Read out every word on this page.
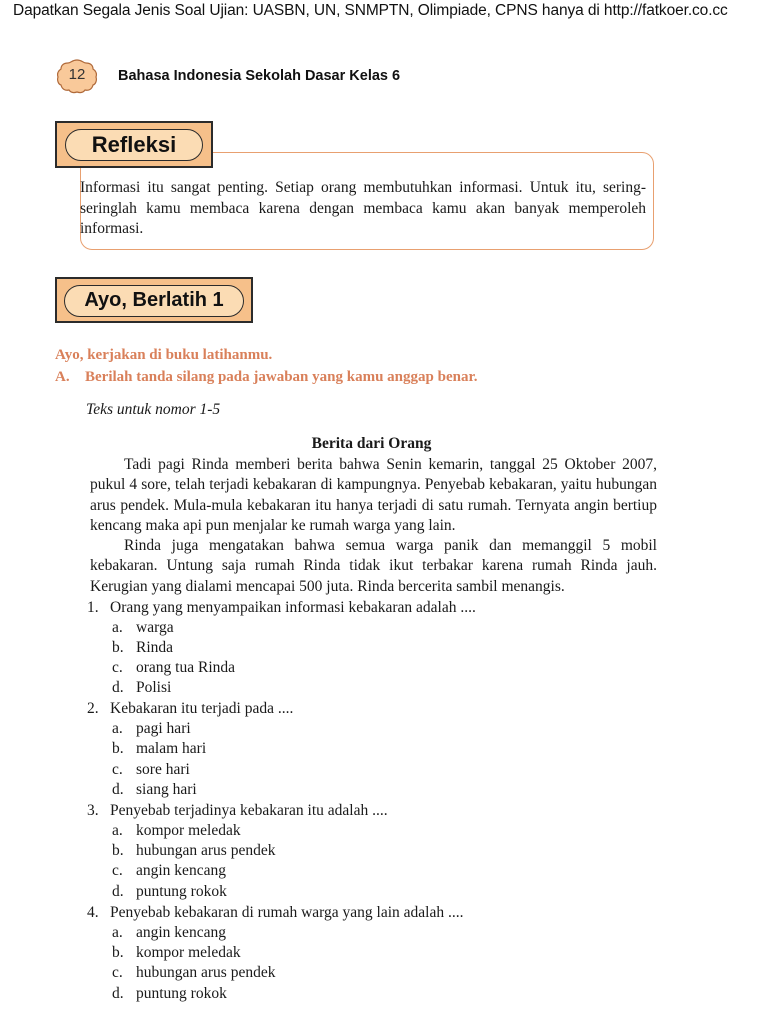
Dapatkan Segala Jenis Soal Ujian: UASBN, UN, SNMPTN, Olimpiade, CPNS hanya di http://fatkoer.co.cc
12	Bahasa Indonesia Sekolah Dasar Kelas 6
Refleksi
Informasi itu sangat penting. Setiap orang membutuhkan informasi. Untuk itu, sering-seringlah kamu membaca karena dengan membaca kamu akan banyak memperoleh informasi.
Ayo, Berlatih 1
Ayo, kerjakan di buku latihanmu.
A. Berilah tanda silang pada jawaban yang kamu anggap benar.
Teks untuk nomor 1-5
Berita dari Orang
Tadi pagi Rinda memberi berita bahwa Senin kemarin, tanggal 25 Oktober 2007, pukul 4 sore, telah terjadi kebakaran di kampungnya. Penyebab kebakaran, yaitu hubungan arus pendek. Mula-mula kebakaran itu hanya terjadi di satu rumah. Ternyata angin bertiup kencang maka api pun menjalar ke rumah warga yang lain.
Rinda juga mengatakan bahwa semua warga panik dan memanggil 5 mobil kebakaran. Untung saja rumah Rinda tidak ikut terbakar karena rumah Rinda jauh. Kerugian yang dialami mencapai 500 juta. Rinda bercerita sambil menangis.
1. Orang yang menyampaikan informasi kebakaran adalah ....
a. warga
b. Rinda
c. orang tua Rinda
d. Polisi
2. Kebakaran itu terjadi pada ....
a. pagi hari
b. malam hari
c. sore hari
d. siang hari
3. Penyebab terjadinya kebakaran itu adalah ....
a. kompor meledak
b. hubungan arus pendek
c. angin kencang
d. puntung rokok
4. Penyebab kebakaran di rumah warga yang lain adalah ....
a. angin kencang
b. kompor meledak
c. hubungan arus pendek
d. puntung rokok
